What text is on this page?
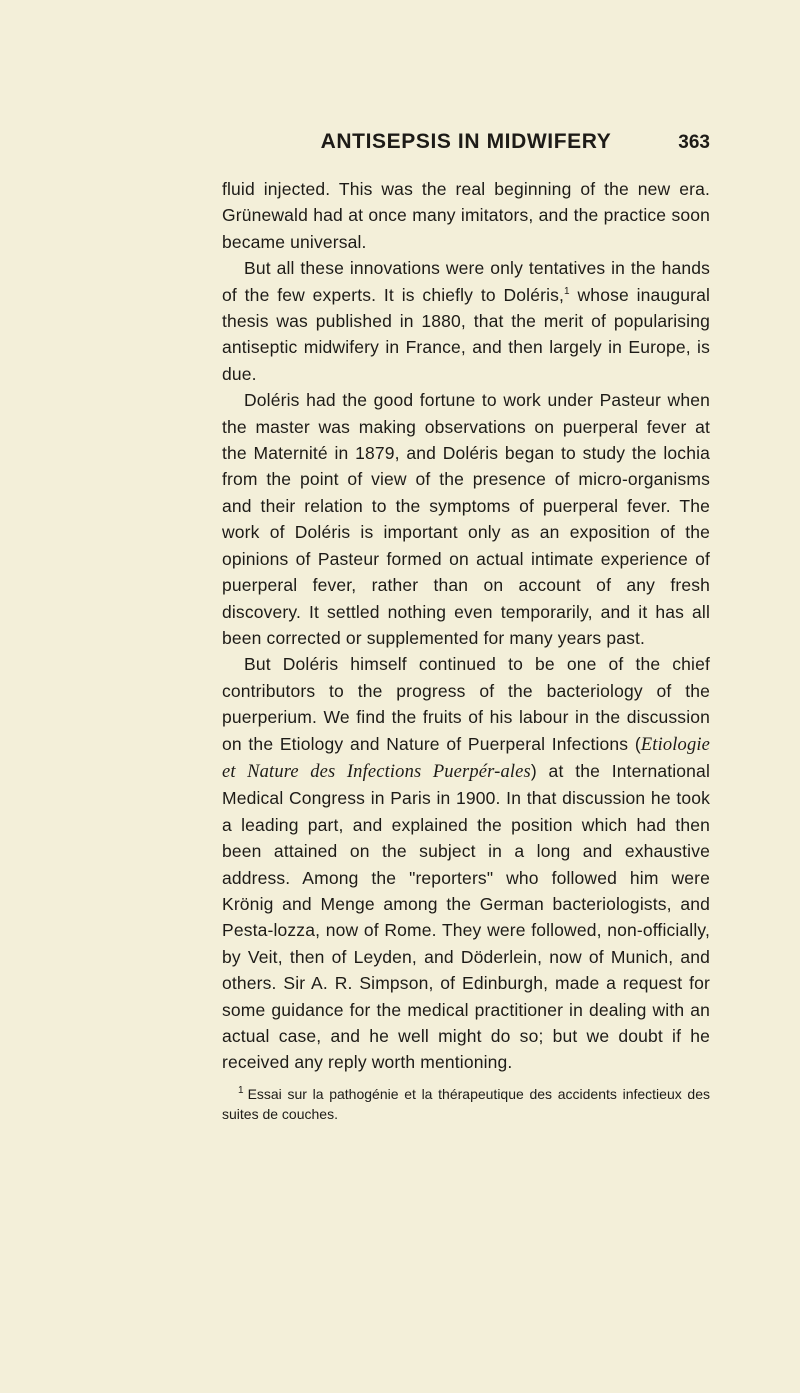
ANTISEPSIS IN MIDWIFERY	363

fluid injected. This was the real beginning of the new era. Grünewald had at once many imitators, and the practice soon became universal.

But all these innovations were only tentatives in the hands of the few experts. It is chiefly to Doléris,$^1$ whose inaugural thesis was published in 1880, that the merit of popularising antiseptic midwifery in France, and then largely in Europe, is due.

Doléris had the good fortune to work under Pasteur when the master was making observations on puerperal fever at the Maternité in 1879, and Doléris began to study the lochia from the point of view of the presence of micro-organisms and their relation to the symptoms of puerperal fever. The work of Doléris is important only as an exposition of the opinions of Pasteur formed on actual intimate experience of puerperal fever, rather than on account of any fresh discovery. It settled nothing even temporarily, and it has all been corrected or supplemented for many years past.

But Doléris himself continued to be one of the chief contributors to the progress of the bacteriology of the puerperium. We find the fruits of his labour in the discussion on the Etiology and Nature of Puerperal Infections (Etiologie et Nature des Infections Puerpér-ales) at the International Medical Congress in Paris in 1900. In that discussion he took a leading part, and explained the position which had then been attained on the subject in a long and exhaustive address. Among the "reporters" who followed him were Krönig and Menge among the German bacteriologists, and Pesta-lozza, now of Rome. They were followed, non-officially, by Veit, then of Leyden, and Döderlein, now of Munich, and others. Sir A. R. Simpson, of Edinburgh, made a request for some guidance for the medical practitioner in dealing with an actual case, and he well might do so; but we doubt if he received any reply worth mentioning.

$^1$ Essai sur la pathogénie et la thérapeutique des accidents infectieux des suites de couches.
